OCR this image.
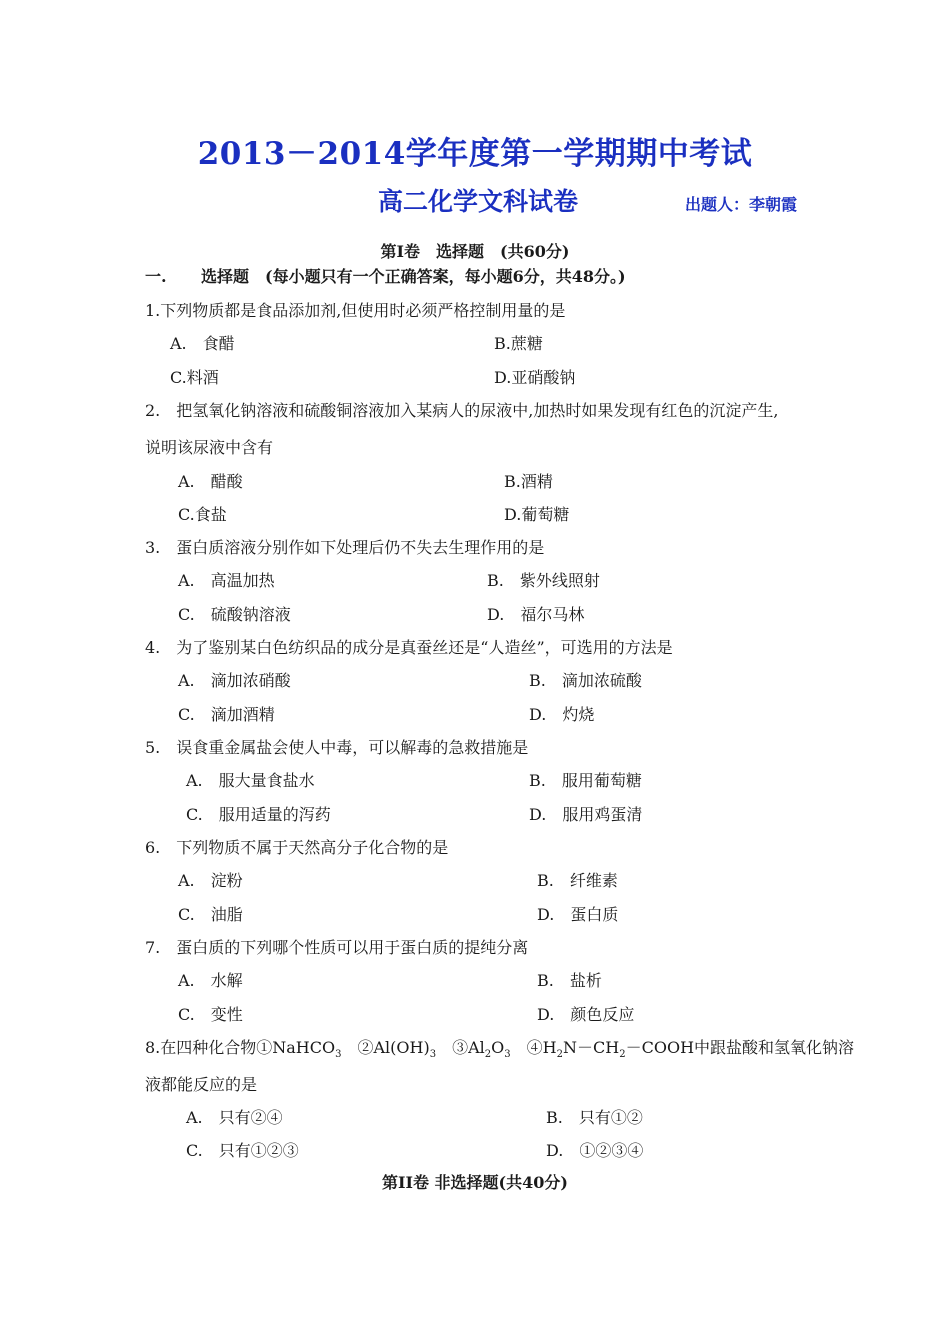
2013－2014学年度第一学期期中考试
高二化学文科试卷	出题人：李朝霞
第Ⅰ卷　选择题　(共60分)
一. 选择题　(每小题只有一个正确答案，每小题6分，共48分。)
1.下列物质都是食品添加剂,但使用时必须严格控制用量的是
A.　食醋	B.蔗糖
C.料酒	D.亚硝酸钠
2.　把氢氧化钠溶液和硫酸铜溶液加入某病人的尿液中,加热时如果发现有红色的沉淀产生,
说明该尿液中含有
A.　醋酸	B.酒精
C.食盐	D.葡萄糖
3.　蛋白质溶液分别作如下处理后仍不失去生理作用的是
A.　高温加热	B.　紫外线照射
C.　硫酸钠溶液	D.　福尔马林
4.　为了鉴别某白色纺织品的成分是真蚕丝还是“人造丝”，可选用的方法是
A.　滴加浓硝酸	B.　滴加浓硫酸
C.　滴加酒精	D.　灼烧
5.　误食重金属盐会使人中毒，可以解毒的急救措施是
A.　服大量食盐水	B.　服用葡萄糖
C.　服用适量的泻药	D.　服用鸡蛋清
6.　下列物质不属于天然高分子化合物的是
A.　淀粉	B.　纤维素
C.　油脂	D.　蛋白质
7.　蛋白质的下列哪个性质可以用于蛋白质的提纯分离
A.　水解	B.　盐析
C.　变性	D.　颜色反应
8.在四种化合物①NaHCO$_3$　$②Al(OH)_3$　$③Al_2O_3$　$④H_2N-CH_2-COOH$中跟盐酸和氢氧化钠溶
液都能反应的是
A.　只有②④	B.　只有①②
C.　只有①②③	D.　①②③④
第II卷 非选择题(共40分)
